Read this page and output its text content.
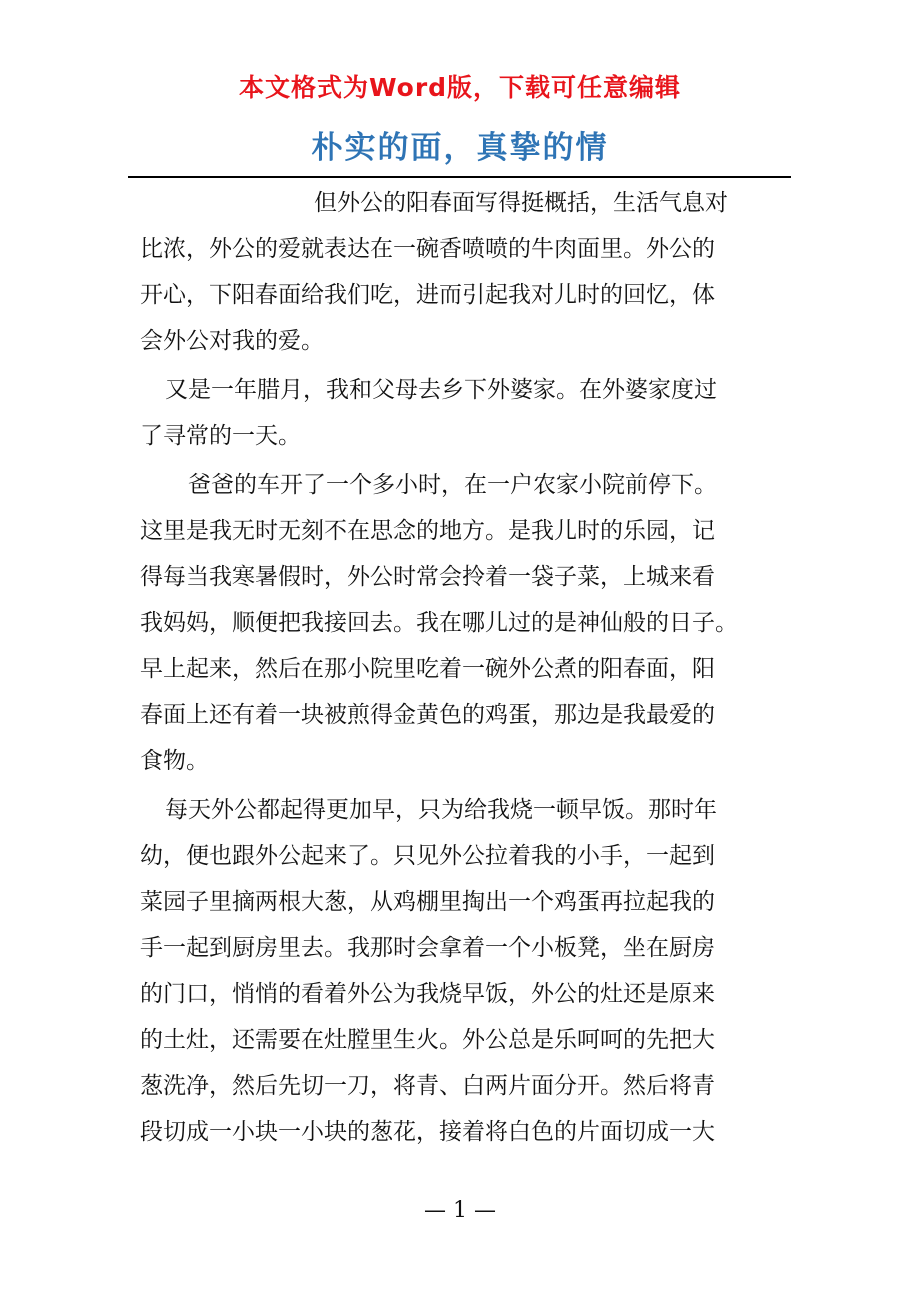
本文格式为Word版，下载可任意编辑
朴实的面，真挚的情
但外公的阳春面写得挺概括，生活气息对
比浓，外公的爱就表达在一碗香喷喷的牛肉面里。外公的
开心，下阳春面给我们吃，进而引起我对儿时的回忆，体
会外公对我的爱。
又是一年腊月，我和父母去乡下外婆家。在外婆家度过
了寻常的一天。
爸爸的车开了一个多小时，在一户农家小院前停下。
这里是我无时无刻不在思念的地方。是我儿时的乐园，记
得每当我寒暑假时，外公时常会拎着一袋子菜，上城来看
我妈妈，顺便把我接回去。我在哪儿过的是神仙般的日子。
早上起来，然后在那小院里吃着一碗外公煮的阳春面，阳
春面上还有着一块被煎得金黄色的鸡蛋，那边是我最爱的
食物。
每天外公都起得更加早，只为给我烧一顿早饭。那时年
幼，便也跟外公起来了。只见外公拉着我的小手，一起到
菜园子里摘两根大葱，从鸡棚里掏出一个鸡蛋再拉起我的
手一起到厨房里去。我那时会拿着一个小板凳，坐在厨房
的门口，悄悄的看着外公为我烧早饭，外公的灶还是原来
的土灶，还需要在灶膛里生火。外公总是乐呵呵的先把大
葱洗净，然后先切一刀，将青、白两片面分开。然后将青
段切成一小块一小块的葱花，接着将白色的片面切成一大
— 1 —
